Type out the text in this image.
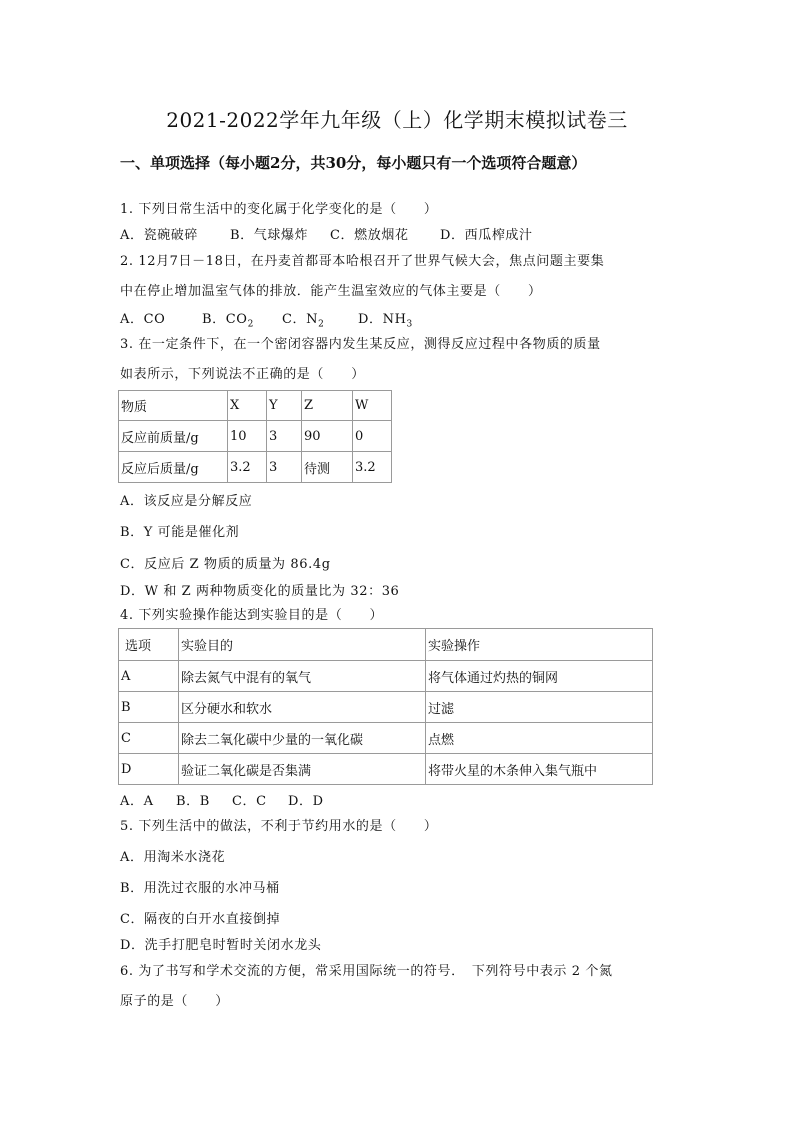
2021-2022学年九年级（上）化学期末模拟试卷三
一、单项选择（每小题2分，共30分，每小题只有一个选项符合题意）
1. 下列日常生活中的变化属于化学变化的是（　　）
A．瓷碗破碎 B．气球爆炸 C．燃放烟花 D．西瓜榨成汁
2. 12月7日－18日，在丹麦首都哥本哈根召开了世界气候大会，焦点问题主要集
中在停止增加温室气体的排放．能产生温室效应的气体主要是（　　）
A．CO	B．$CO_2$ C．$N_2$	D．$NH_3$
3. 在一定条件下，在一个密闭容器内发生某反应，测得反应过程中各物质的质量
如表所示，下列说法不正确的是（　　）
物质	X	Y	Z	W
反应前质量/g	10	3	90	0
反应后质量/g	3.2	3	待测	3.2
A．该反应是分解反应
B．Y 可能是催化剂
C．反应后 Z 物质的质量为 86.4g
D．W 和 Z 两种物质变化的质量比为 32：36
4. 下列实验操作能达到实验目的是（　　）
选项	实验目的	实验操作
A	除去氮气中混有的氧气	将气体通过灼热的铜网
B	区分硬水和软水	过滤
C	除去二氧化碳中少量的一氧化碳	点燃
D	验证二氧化碳是否集满	将带火星的木条伸入集气瓶中
A．A B．B C．C D．D
5. 下列生活中的做法，不利于节约用水的是（　　）
A．用淘米水浇花
B．用洗过衣服的水冲马桶
C．隔夜的白开水直接倒掉
D．洗手打肥皂时暂时关闭水龙头
6. 为了书写和学术交流的方便，常采用国际统一的符号．　下列符号中表示 2 个氮
原子的是（　　）
